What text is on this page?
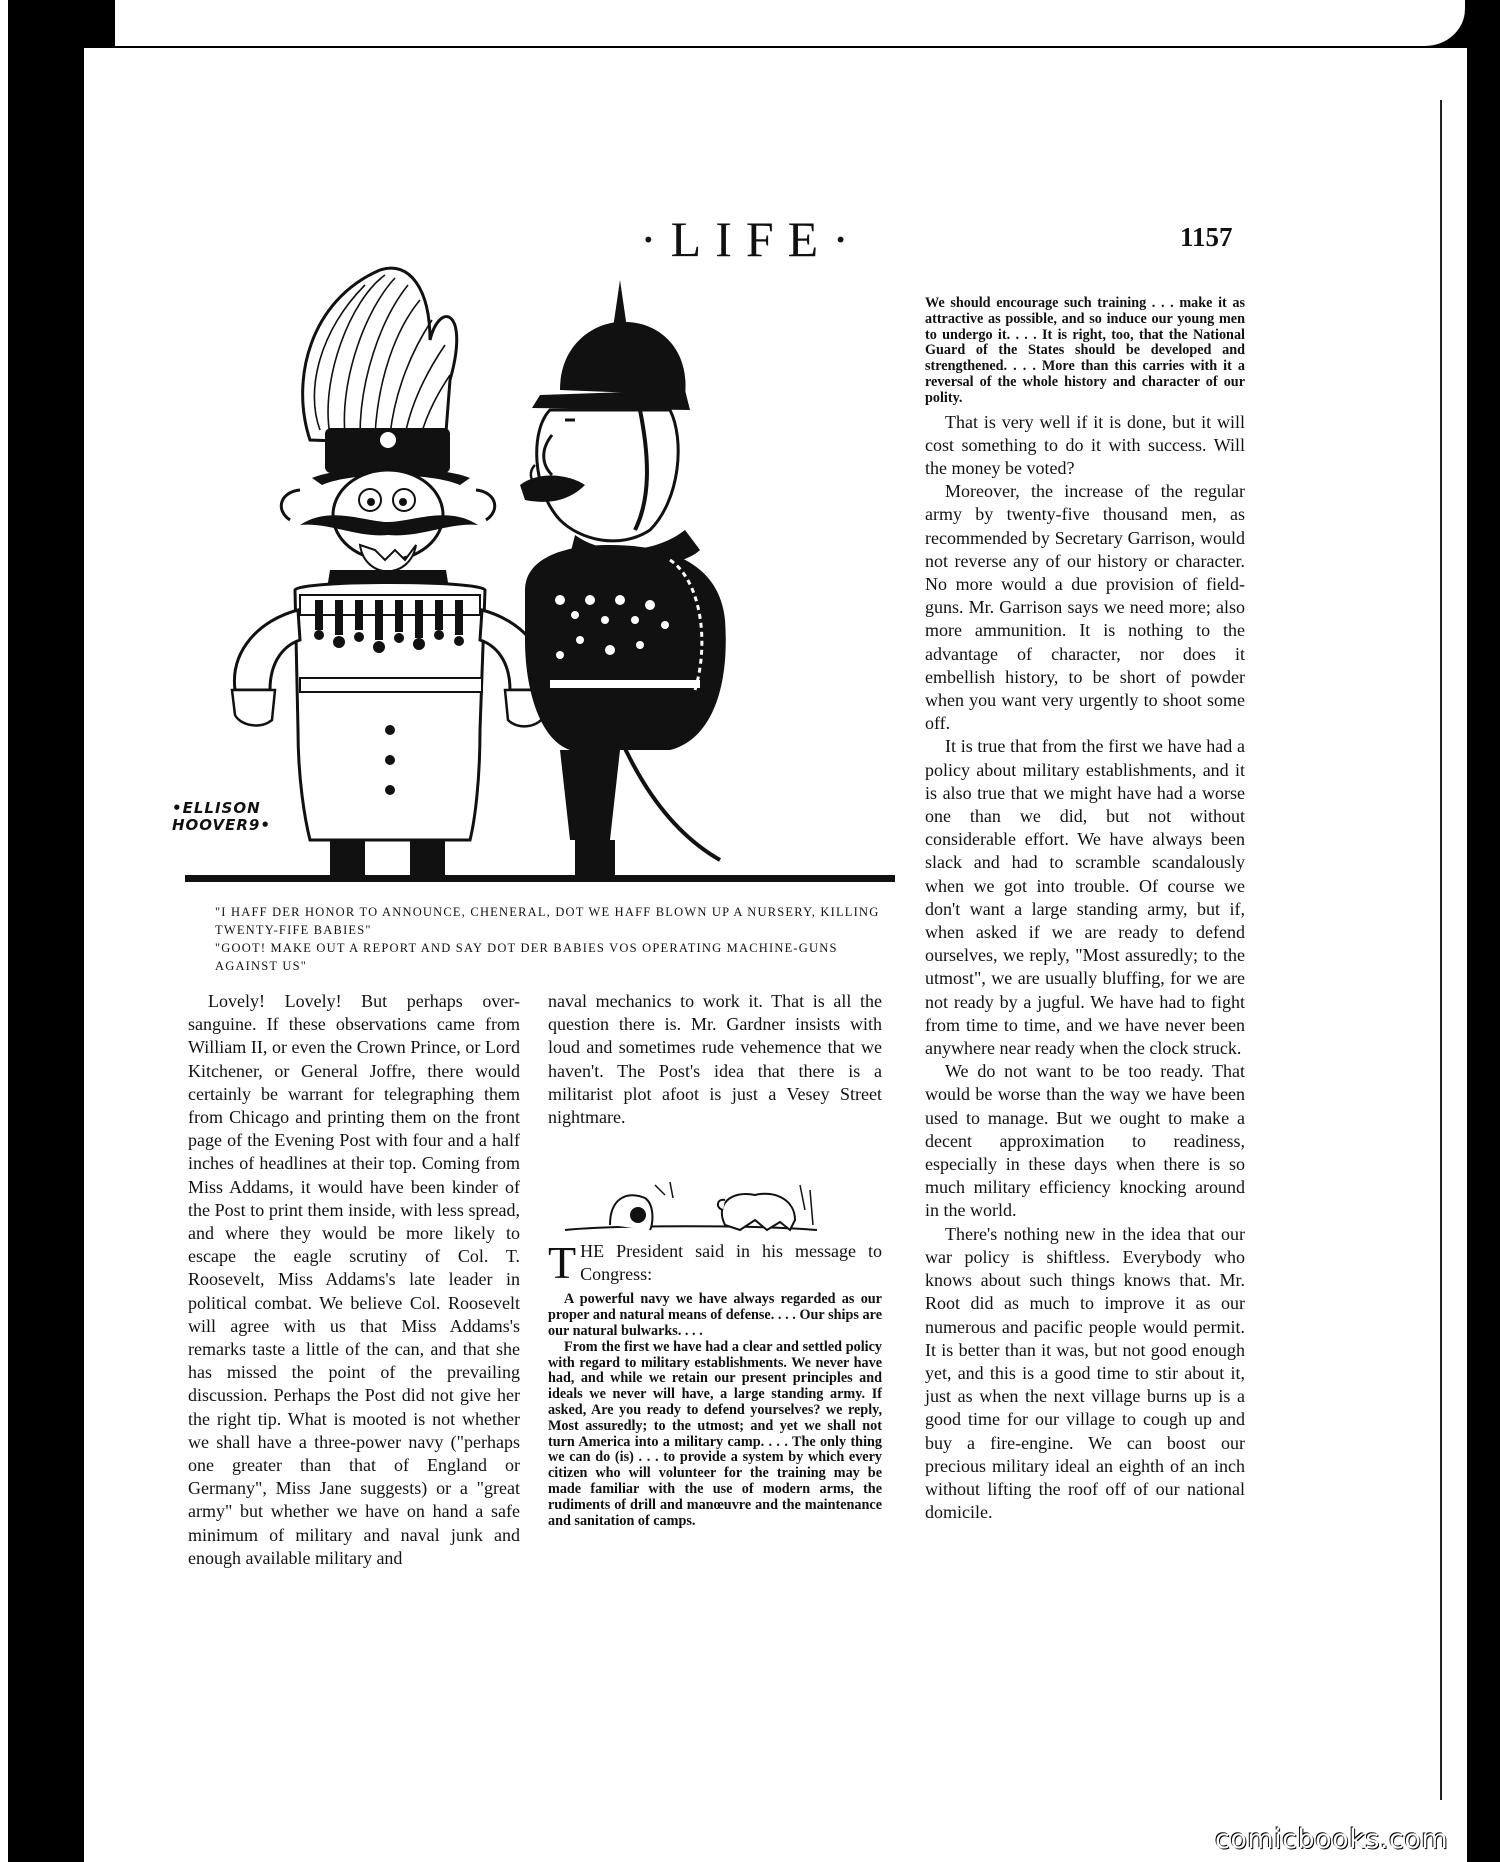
·LIFE·	1157
•ELLISON
HOOVER9•

"I HAFF DER HONOR TO ANNOUNCE, CHENERAL, DOT WE HAFF BLOWN UP A NURSERY, KILLING TWENTY-FIFE BABIES"

"GOOT! MAKE OUT A REPORT AND SAY DOT DER BABIES VOS OPERATING MACHINE-GUNS AGAINST US"

Lovely! Lovely! But perhaps over-sanguine. If these observations came from William II, or even the Crown Prince, or Lord Kitchener, or General Joffre, there would certainly be warrant for telegraphing them from Chicago and printing them on the front page of the Evening Post with four and a half inches of headlines at their top. Coming from Miss Addams, it would have been kinder of the Post to print them inside, with less spread, and where they would be more likely to escape the eagle scrutiny of Col. T. Roosevelt, Miss Addams's late leader in political combat. We believe Col. Roosevelt will agree with us that Miss Addams's remarks taste a little of the can, and that she has missed the point of the prevailing discussion. Perhaps the Post did not give her the right tip. What is mooted is not whether we shall have a three-power navy ("perhaps one greater than that of England or Germany", Miss Jane suggests) or a "great army" but whether we have on hand a safe minimum of military and naval junk and enough available military and

naval mechanics to work it. That is all the question there is. Mr. Gardner insists with loud and sometimes rude vehemence that we haven't. The Post's idea that there is a militarist plot afoot is just a Vesey Street nightmare.

T HE President said in his message to Congress:

A powerful navy we have always regarded as our proper and natural means of defense. . . . Our ships are our natural bulwarks. . . .

From the first we have had a clear and settled policy with regard to military establishments. We never have had, and while we retain our present principles and ideals we never will have, a large standing army. If asked, Are you ready to defend yourselves? we reply, Most assuredly; to the utmost; and yet we shall not turn America into a military camp. . . . The only thing we can do (is) . . . to provide a system by which every citizen who will volunteer for the training may be made familiar with the use of modern arms, the rudiments of drill and manœuvre and the maintenance and sanitation of camps.

We should encourage such training . . . make it as attractive as possible, and so induce our young men to undergo it. . . . It is right, too, that the National Guard of the States should be developed and strengthened. . . . More than this carries with it a reversal of the whole history and character of our polity.

That is very well if it is done, but it will cost something to do it with success. Will the money be voted?

Moreover, the increase of the regular army by twenty-five thousand men, as recommended by Secretary Garrison, would not reverse any of our history or character. No more would a due provision of field-guns. Mr. Garrison says we need more; also more ammunition. It is nothing to the advantage of character, nor does it embellish history, to be short of powder when you want very urgently to shoot some off.

It is true that from the first we have had a policy about military establishments, and it is also true that we might have had a worse one than we did, but not without considerable effort. We have always been slack and had to scramble scandalously when we got into trouble. Of course we don't want a large standing army, but if, when asked if we are ready to defend ourselves, we reply, "Most assuredly; to the utmost", we are usually bluffing, for we are not ready by a jugful. We have had to fight from time to time, and we have never been anywhere near ready when the clock struck.

We do not want to be too ready. That would be worse than the way we have been used to manage. But we ought to make a decent approximation to readiness, especially in these days when there is so much military efficiency knocking around in the world.

There's nothing new in the idea that our war policy is shiftless. Everybody who knows about such things knows that. Mr. Root did as much to improve it as our numerous and pacific people would permit. It is better than it was, but not good enough yet, and this is a good time to stir about it, just as when the next village burns up is a good time for our village to cough up and buy a fire-engine. We can boost our precious military ideal an eighth of an inch without lifting the roof off of our national domicile.

comicbooks.com
